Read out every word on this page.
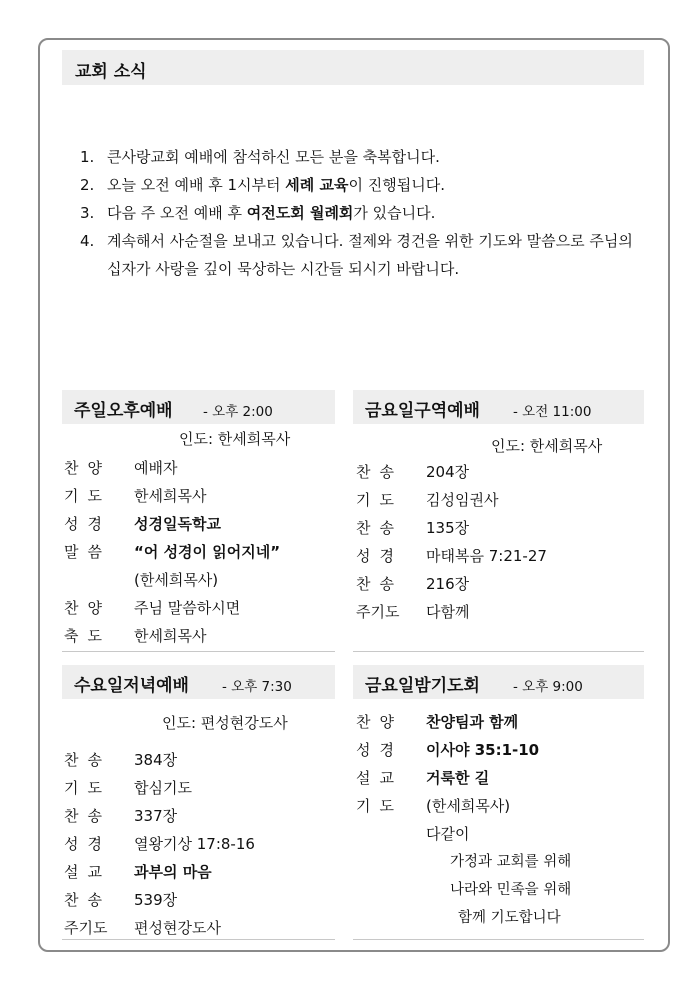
교회 소식
1. 큰사랑교회 예배에 참석하신 모든 분을 축복합니다.
2. 오늘 오전 예배 후 1시부터 세례 교육이 진행됩니다.
3. 다음 주 오전 예배 후 여전도회 월례회가 있습니다.
4. 계속해서 사순절을 보내고 있습니다. 절제와 경건을 위한 기도와 말씀으로 주님의 십자가 사랑을 깊이 묵상하는 시간들 되시기 바랍니다.
주일오후예배 - 오후 2:00
인도: 한세희목사
찬양	예배자
기도	한세희목사
성경	성경일독학교
말씀	“어 성경이 읽어지네”
(한세희목사)
찬양	주님 말씀하시면
축도	한세희목사
금요일구역예배 - 오전 11:00
인도: 한세희목사
찬송	204장
기도	김성임권사
찬송	135장
성경	마태복음 7:21-27
찬송	216장
주기도	다함께
수요일저녁예배 - 오후 7:30
인도: 편성현강도사
찬송	384장
기도	합심기도
찬송	337장
성경	열왕기상 17:8-16
설교	과부의 마음
찬송	539장
주기도	편성현강도사
금요일밤기도회 - 오후 9:00
찬양	찬양팀과 함께
성경	이사야 35:1-10
설교	거룩한 길
기도	(한세희목사)
다같이
가정과 교회를 위해
나라와 민족을 위해
함께 기도합니다
